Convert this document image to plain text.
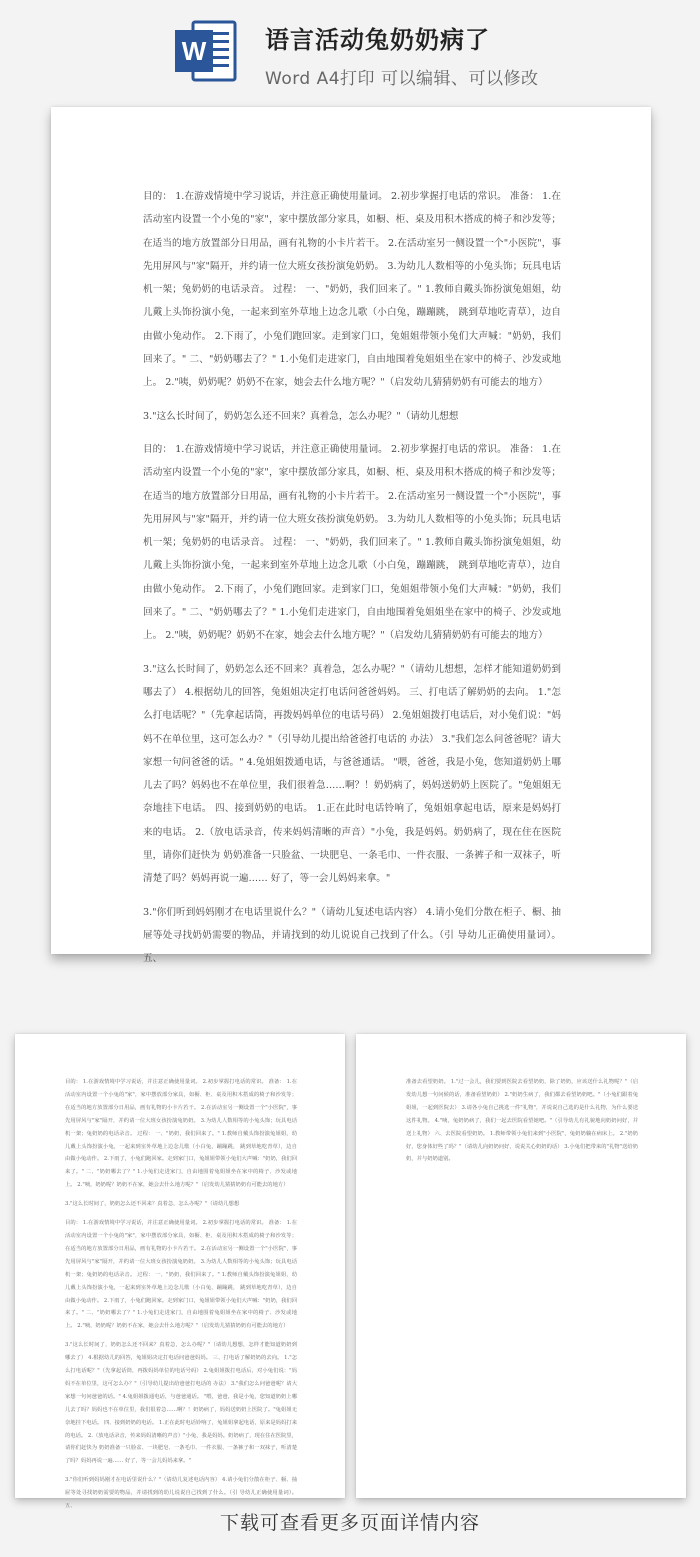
W 语言活动兔奶奶病了
Word A4打印 可以编辑、可以修改

目的： 1.在游戏情境中学习说话，并注意正确使用量词。 2.初步掌握打电话的常识。 准备： 1.在活动室内设置一个小兔的"家"，家中摆放部分家具，如橱、柜、桌及用积木搭成的椅子和沙发等；在适当的地方放置部分日用品，画有礼物的小卡片若干。 2.在活动室另一侧设置一个"小医院"，事先用屏风与"家"隔开，并约请一位大班女孩扮演兔奶奶。 3.为幼儿人数相等的小兔头饰；玩具电话机一架；兔奶奶的电话录音。 过程： 一、"奶奶，我们回来了。" 1.教师自戴头饰扮演兔姐姐，幼儿戴上头饰扮演小兔，一起来到室外草地上边念儿歌（小白兔，蹦蹦跳， 跳到草地吃青草），边自由做小兔动作。 2.下雨了，小兔们跑回家。走到家门口，兔姐姐带领小兔们大声喊："奶奶，我们回来了。" 二、"奶奶哪去了？" 1.小兔们走进家门，自由地围着兔姐姐坐在家中的椅子、沙发或地上。 2."咦，奶奶呢？奶奶不在家，她会去什么地方呢？"（启发幼儿猜猜奶奶有可能去的地方）

3."这么长时间了，奶奶怎么还不回来？真着急，怎么办呢？"（请幼儿想想

目的： 1.在游戏情境中学习说话，并注意正确使用量词。 2.初步掌握打电话的常识。 准备： 1.在活动室内设置一个小兔的"家"，家中摆放部分家具，如橱、柜、桌及用积木搭成的椅子和沙发等；在适当的地方放置部分日用品，画有礼物的小卡片若干。 2.在活动室另一侧设置一个"小医院"，事先用屏风与"家"隔开，并约请一位大班女孩扮演兔奶奶。 3.为幼儿人数相等的小兔头饰；玩具电话机一架；兔奶奶的电话录音。 过程： 一、"奶奶，我们回来了。" 1.教师自戴头饰扮演兔姐姐，幼儿戴上头饰扮演小兔，一起来到室外草地上边念儿歌（小白兔，蹦蹦跳， 跳到草地吃青草），边自由做小兔动作。 2.下雨了，小兔们跑回家。走到家门口，兔姐姐带领小兔们大声喊："奶奶，我们回来了。" 二、"奶奶哪去了？" 1.小兔们走进家门，自由地围着兔姐姐坐在家中的椅子、沙发或地上。 2."咦，奶奶呢？奶奶不在家，她会去什么地方呢？"（启发幼儿猜猜奶奶有可能去的地方）

3."这么长时间了，奶奶怎么还不回来？真着急，怎么办呢？"（请幼儿想想，怎样才能知道奶奶到哪去了） 4.根据幼儿的回答，兔姐姐决定打电话问爸爸妈妈。 三、打电话了解奶奶的去向。 1."怎么打电话呢？"（先拿起话筒，再拨妈妈单位的电话号码） 2.兔姐姐拨打电话后，对小兔们说："妈妈不在单位里，这可怎么办？"（引导幼儿提出给爸爸打电话的 办法） 3."我们怎么问爸爸呢？请大家想一句问爸爸的话。" 4.兔姐姐拨通电话，与爸爸通话。 "喂，爸爸，我是小兔，您知道奶奶上哪儿去了吗？妈妈也不在单位里，我们很着急……啊？！奶奶病了，妈妈送奶奶上医院了。"兔姐姐无奈地挂下电话。 四、接到奶奶的电话。 1.正在此时电话铃响了，兔姐姐拿起电话，原来是妈妈打来的电话。 2.（放电话录音，传来妈妈清晰的声音）"小兔，我是妈妈。奶奶病了，现在住在医院里，请你们赶快为 奶奶准备一只脸盆、一块肥皂、一条毛巾、一件衣服、一条裤子和一双袜子，听清楚了吗？妈妈再说一遍…… 好了，等一会儿妈妈来拿。"

3."你们听到妈妈刚才在电话里说什么？"（请幼儿复述电话内容） 4.请小兔们分散在柜子、橱、抽屉等处寻找奶奶需要的物品，并请找到的幼儿说说自己找到了什么。（引 导幼儿正确使用量词）。 五、

目的： 1.在游戏情境中学习说话，并注意正确使用量词。 2.初步掌握打电话的常识。 准备： 1.在活动室内设置一个小兔的"家"，家中摆放部分家具，如橱、柜、桌及用积木搭成的椅子和沙发等；在适当的地方放置部分日用品，画有礼物的小卡片若干。 2.在活动室另一侧设置一个"小医院"，事先用屏风与"家"隔开，并约请一位大班女孩扮演兔奶奶。 3.为幼儿人数相等的小兔头饰；玩具电话机一架；兔奶奶的电话录音。 过程： 一、"奶奶，我们回来了。" 1.教师自戴头饰扮演兔姐姐，幼儿戴上头饰扮演小兔，一起来到室外草地上边念儿歌（小白兔，蹦蹦跳， 跳到草地吃青草），边自由做小兔动作。 2.下雨了，小兔们跑回家。走到家门口，兔姐姐带领小兔们大声喊："奶奶，我们回来了。" 二、"奶奶哪去了？" 1.小兔们走进家门，自由地围着兔姐姐坐在家中的椅子、沙发或地上。 2."咦，奶奶呢？奶奶不在家，她会去什么地方呢？"（启发幼儿猜猜奶奶有可能去的地方）

3."这么长时间了，奶奶怎么还不回来？真着急，怎么办呢？"（请幼儿想想

目的： 1.在游戏情境中学习说话，并注意正确使用量词。 2.初步掌握打电话的常识。 准备： 1.在活动室内设置一个小兔的"家"，家中摆放部分家具，如橱、柜、桌及用积木搭成的椅子和沙发等；在适当的地方放置部分日用品，画有礼物的小卡片若干。 2.在活动室另一侧设置一个"小医院"，事先用屏风与"家"隔开，并约请一位大班女孩扮演兔奶奶。 3.为幼儿人数相等的小兔头饰；玩具电话机一架；兔奶奶的电话录音。 过程： 一、"奶奶，我们回来了。" 1.教师自戴头饰扮演兔姐姐，幼儿戴上头饰扮演小兔，一起来到室外草地上边念儿歌（小白兔，蹦蹦跳， 跳到草地吃青草），边自由做小兔动作。 2.下雨了，小兔们跑回家。走到家门口，兔姐姐带领小兔们大声喊："奶奶，我们回来了。" 二、"奶奶哪去了？" 1.小兔们走进家门，自由地围着兔姐姐坐在家中的椅子、沙发或地上。 2."咦，奶奶呢？奶奶不在家，她会去什么地方呢？"（启发幼儿猜猜奶奶有可能去的地方）

3."这么长时间了，奶奶怎么还不回来？真着急，怎么办呢？"（请幼儿想想，怎样才能知道奶奶到哪去了） 4.根据幼儿的回答，兔姐姐决定打电话问爸爸妈妈。 三、打电话了解奶奶的去向。 1."怎么打电话呢？"（先拿起话筒，再拨妈妈单位的电话号码） 2.兔姐姐拨打电话后，对小兔们说："妈妈不在单位里，这可怎么办？"（引导幼儿提出给爸爸打电话的 办法） 3."我们怎么问爸爸呢？请大家想一句问爸爸的话。" 4.兔姐姐拨通电话，与爸爸通话。 "喂，爸爸，我是小兔，您知道奶奶上哪儿去了吗？妈妈也不在单位里，我们很着急……啊？！奶奶病了，妈妈送奶奶上医院了。"兔姐姐无奈地挂下电话。 四、接到奶奶的电话。 1.正在此时电话铃响了，兔姐姐拿起电话，原来是妈妈打来的电话。 2.（放电话录音，传来妈妈清晰的声音）"小兔，我是妈妈。奶奶病了，现在住在医院里，请你们赶快为 奶奶准备一只脸盆、一块肥皂、一条毛巾、一件衣服、一条裤子和一双袜子，听清楚了吗？妈妈再说一遍…… 好了，等一会儿妈妈来拿。"

3."你们听到妈妈刚才在电话里说什么？"（请幼儿复述电话内容） 4.请小兔们分散在柜子、橱、抽屉等处寻找奶奶需要的物品，并请找到的幼儿说说自己找到了什么。（引 导幼儿正确使用量词）。 五、

准备去看望奶奶。 1."过一会儿，我们要到医院去看望奶奶，除了奶奶，应该送什么礼物呢？"（启发幼儿想一句问候的话，准备看望奶奶） 2."奶奶生病了，我们都去看望奶奶吧。"（小兔们跟着兔姐姐，一起到医院去） 3.请各小兔自己挑选一件"礼物"，并说说自己选的是什么礼物，为什么要送这件礼物。 4."咦，兔奶奶病了，我们一起去医院看望她吧。"（引导幼儿有礼貌地向奶奶问好，并送上礼物） 六、去医院看望奶奶。 1.教师带领小兔们来到"小医院"，兔奶奶躺在病床上。 2."奶奶好，您身体好些了吗？"（请幼儿向奶奶问好，说说关心奶奶的话） 3.小兔们把带来的"礼物"送给奶奶，并与奶奶道别。

下载可查看更多页面详情内容
